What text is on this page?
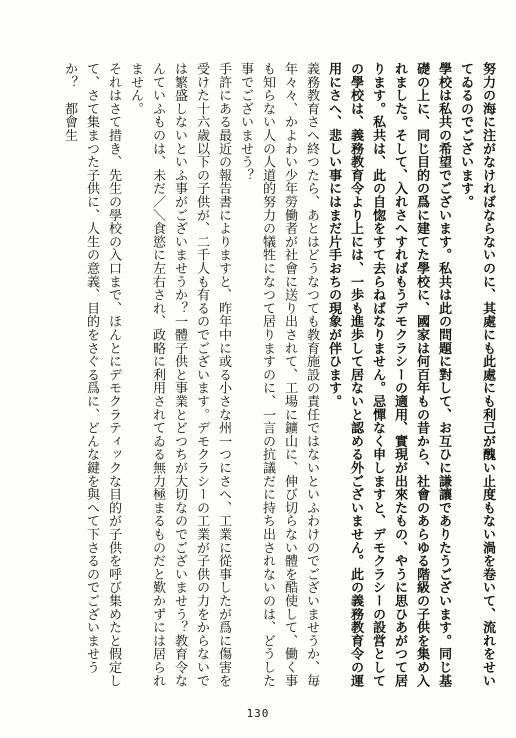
努力の海に注がなければならないのに、其處にも此處にも利己が醜い止度もない渦を卷いて、流れをせいてゐるのでございます。

學校は私共の希望でございます。私共は此の問題に對して、お互ひに謙讓でありたうございます。同じ基礎の上に、同じ目的の爲に建てた學校に、國家は何百年もの昔から、社會のあらゆる階級の子供を集め入れました。そして、入れさへすればもうデモクラシーの適用、實現が出來たもの、やうに思ひあがつて居ります。私共は、此の自惚をすて去らねばなりません。忌憚なく申しますと、デモクラシーの設営としての學校は、義務教育令より上には、一歩も進歩して居ないと認める外ございません。此の義務教育令の運用にさへ、悲しい事にはまだ片手おちの現象が伴ひます。

義務教育さへ終つたら、あとはどうなつても教育施設の責任ではないといふわけのでございませうか、毎年々々、かよわい少年勞働者が社會に送り出されて、工場に鑛山に、伸び切らない體を酷使して、働く事も知らない人の人道的努力の犠牲になつて居りますのに、一言の抗議だに持ち出されないのは、どうした事でございませう？

手許にある最近の報告書によりますと、昨年中に或る小さな州一つにさへ、工業に從事したが爲に傷害を受けた十六歳以下の子供が、二千人も有るのでございます。デモクラシーの工業が子供の力をからないでは繁盛しないといふ事がございませうか？一體子供と事業とどつちが大切なのでございませう？教育令なんていふものは、未だ／＼食慾に左右され、政略に利用されてゐる無力極まるものだと歎かずには居られません。

それはさて措き、先生の學校の入口まで、ほんとにデモクラティックな目的が子供を呼び集めたと假定して、さて集まつた子供に、人生の意義、目的をさぐる爲に、どんな鍵を與へて下さるのでございませうか？　都會生

130
